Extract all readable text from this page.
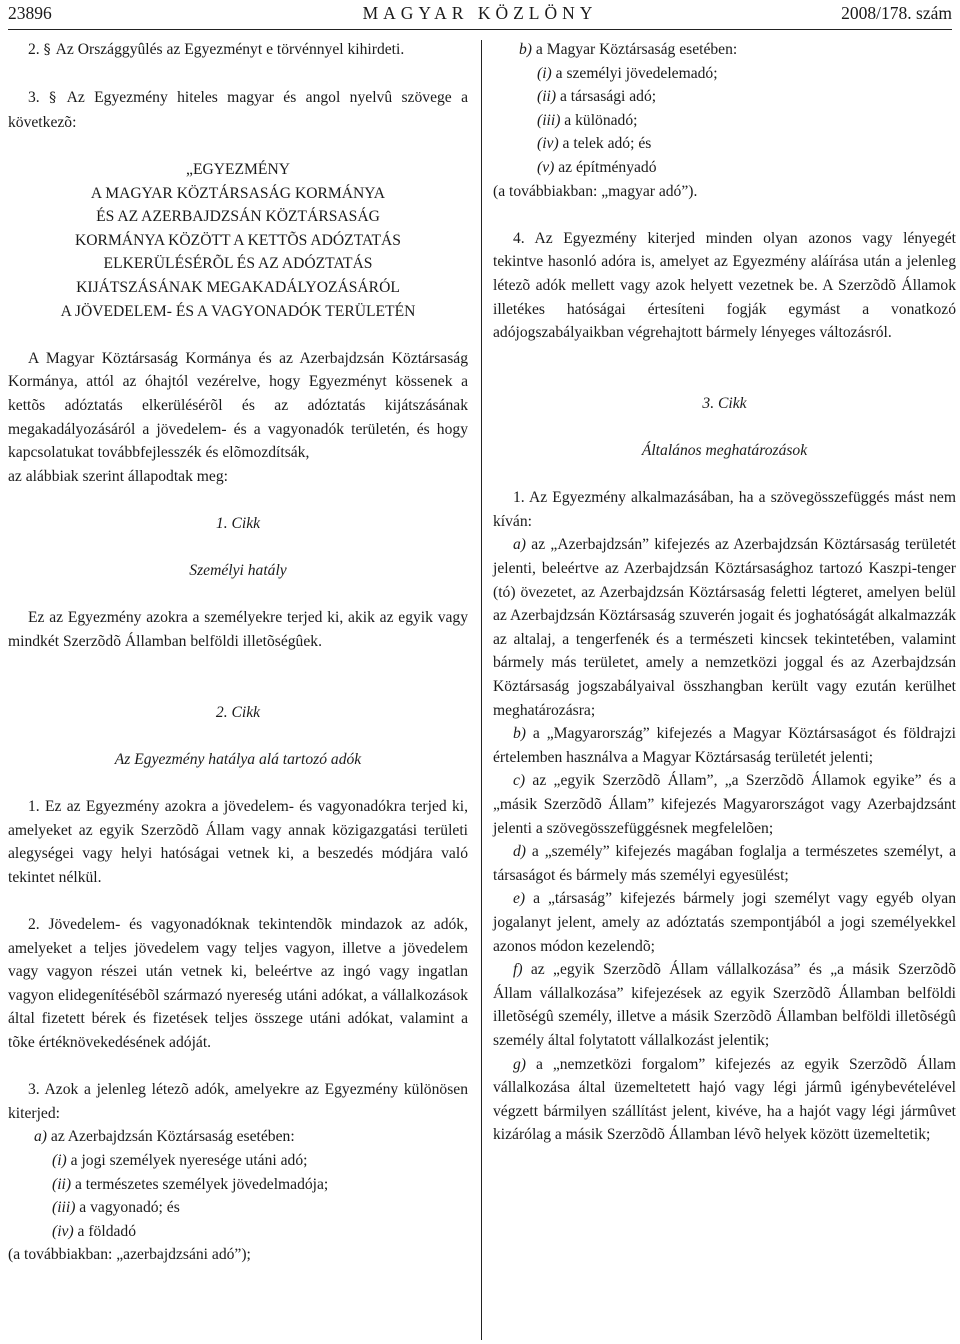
23896	MAGYAR KÖZLÖNY	2008/178. szám

2. § Az Országgyûlés az Egyezményt e törvénnyel kihirdeti.

3. § Az Egyezmény hiteles magyar és angol nyelvû szövege a következõ:

„EGYEZMÉNY

A MAGYAR KÖZTÁRSASÁG KORMÁNYA

ÉS AZ AZERBAJDZSÁN KÖZTÁRSASÁG

KORMÁNYA KÖZÖTT A KETTÕS ADÓZTATÁS

ELKERÜLÉSÉRÕL ÉS AZ ADÓZTATÁS

KIJÁTSZÁSÁNAK MEGAKADÁLYOZÁSÁRÓL

A JÖVEDELEM- ÉS A VAGYONADÓK TERÜLETÉN

A Magyar Köztársaság Kormánya és az Azerbajdzsán Köztársaság Kormánya, attól az óhajtól vezérelve, hogy Egyezményt kössenek a kettõs adóztatás elkerülésérõl és az adóztatás kijátszásának megakadályozásáról a jövedelem- és a vagyonadók területén, és hogy kapcsolatukat továbbfejlesszék és elõmozdítsák,

az alábbiak szerint állapodtak meg:

1. Cikk

Személyi hatály

Ez az Egyezmény azokra a személyekre terjed ki, akik az egyik vagy mindkét Szerzõdõ Államban belföldi illetõségûek.

2. Cikk

Az Egyezmény hatálya alá tartozó adók

1. Ez az Egyezmény azokra a jövedelem- és vagyonadókra terjed ki, amelyeket az egyik Szerzõdõ Állam vagy annak közigazgatási területi alegységei vagy helyi hatóságai vetnek ki, a beszedés módjára való tekintet nélkül.

2. Jövedelem- és vagyonadóknak tekintendõk mindazok az adók, amelyeket a teljes jövedelem vagy teljes vagyon, illetve a jövedelem vagy vagyon részei után vetnek ki, beleértve az ingó vagy ingatlan vagyon elidegenítésébõl származó nyereség utáni adókat, a vállalkozások által fizetett bérek és fizetések teljes összege utáni adókat, valamint a tõke értéknövekedésének adóját.

3. Azok a jelenleg létezõ adók, amelyekre az Egyezmény különösen kiterjed:

a) az Azerbajdzsán Köztársaság esetében:

(i) a jogi személyek nyeresége utáni adó;

(ii) a természetes személyek jövedelmadója;

(iii) a vagyonadó; és

(iv) a földadó

(a továbbiakban: „azerbajdzsáni adó”);

b) a Magyar Köztársaság esetében:

(i) a személyi jövedelemadó;

(ii) a társasági adó;

(iii) a különadó;

(iv) a telek adó; és

(v) az építményadó

(a továbbiakban: „magyar adó”).

4. Az Egyezmény kiterjed minden olyan azonos vagy lényegét tekintve hasonló adóra is, amelyet az Egyezmény aláírása után a jelenleg létezõ adók mellett vagy azok helyett vezetnek be. A Szerzõdõ Államok illetékes hatóságai értesíteni fogják egymást a vonatkozó adójogszabályaikban végrehajtott bármely lényeges változásról.

3. Cikk

Általános meghatározások

1. Az Egyezmény alkalmazásában, ha a szövegösszefüggés mást nem kíván:

a) az „Azerbajdzsán” kifejezés az Azerbajdzsán Köztársaság területét jelenti, beleértve az Azerbajdzsán Köztársasághoz tartozó Kaszpi-tenger (tó) övezetet, az Azerbajdzsán Köztársaság feletti légteret, amelyen belül az Azerbajdzsán Köztársaság szuverén jogait és joghatóságát alkalmazzák az altalaj, a tengerfenék és a természeti kincsek tekintetében, valamint bármely más területet, amely a nemzetközi joggal és az Azerbajdzsán Köztársaság jogszabályaival összhangban került vagy ezután kerülhet meghatározásra;

b) a „Magyarország” kifejezés a Magyar Köztársaságot és földrajzi értelemben használva a Magyar Köztársaság területét jelenti;

c) az „egyik Szerzõdõ Állam”, „a Szerzõdõ Államok egyike” és a „másik Szerzõdõ Állam” kifejezés Magyarországot vagy Azerbajdzsánt jelenti a szövegösszefüggésnek megfelelõen;

d) a „személy” kifejezés magában foglalja a természetes személyt, a társaságot és bármely más személyi egyesülést;

e) a „társaság” kifejezés bármely jogi személyt vagy egyéb olyan jogalanyt jelent, amely az adóztatás szempontjából a jogi személyekkel azonos módon kezelendõ;

f) az „egyik Szerzõdõ Állam vállalkozása” és „a másik Szerzõdõ Állam vállalkozása” kifejezések az egyik Szerzõdõ Államban belföldi illetõségû személy, illetve a másik Szerzõdõ Államban belföldi illetõségû személy által folytatott vállalkozást jelentik;

g) a „nemzetközi forgalom” kifejezés az egyik Szerzõdõ Állam vállalkozása által üzemeltetett hajó vagy légi jármû igénybevételével végzett bármilyen szállítást jelent, kivéve, ha a hajót vagy légi jármûvet kizárólag a másik Szerzõdõ Államban lévõ helyek között üzemeltetik;
